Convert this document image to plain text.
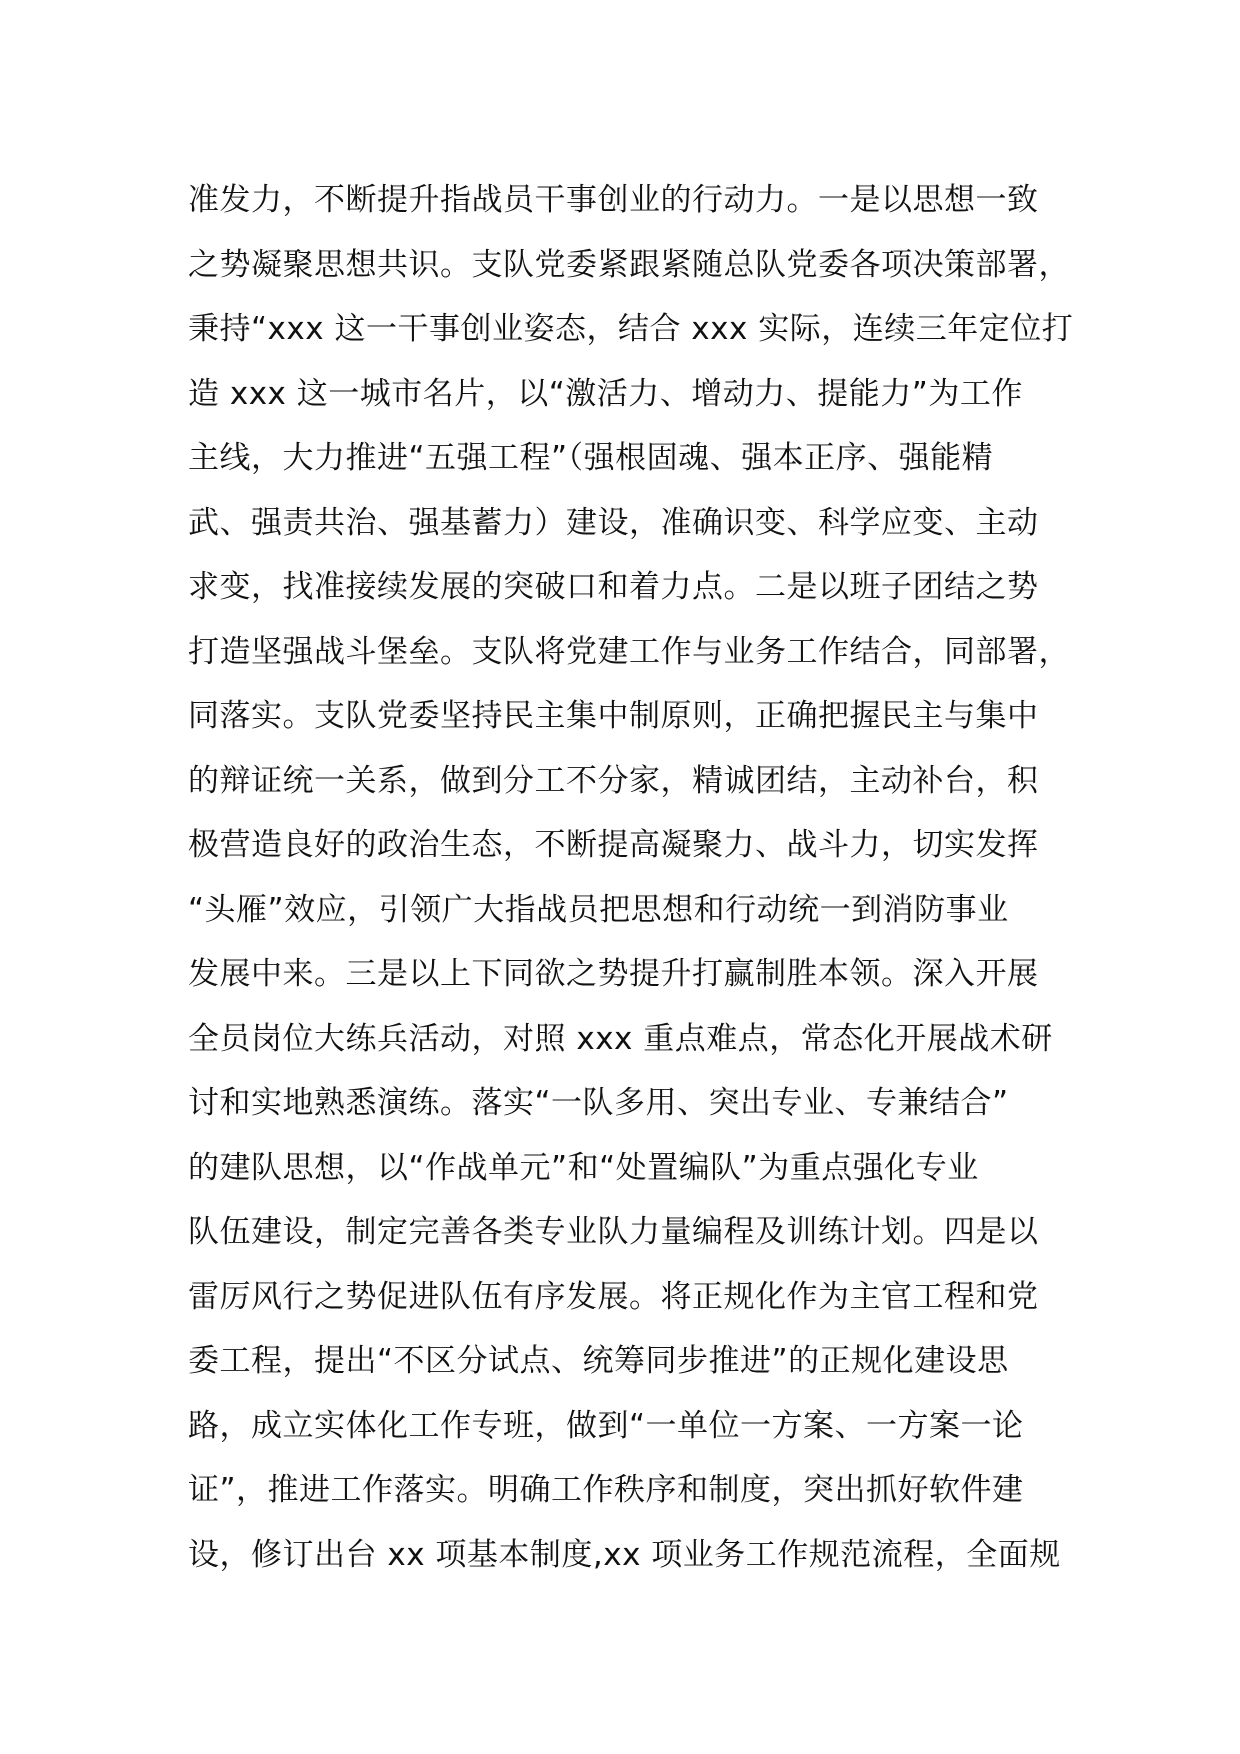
准发力，不断提升指战员干事创业的行动力。一是以思想一致
之势凝聚思想共识。支队党委紧跟紧随总队党委各项决策部署，
秉持“xxx 这一干事创业姿态，结合 xxx 实际，连续三年定位打
造 xxx 这一城市名片，以“激活力、增动力、提能力”为工作
主线，大力推进“五强工程”（强根固魂、强本正序、强能精
武、强责共治、强基蓄力）建设，准确识变、科学应变、主动
求变，找准接续发展的突破口和着力点。二是以班子团结之势
打造坚强战斗堡垒。支队将党建工作与业务工作结合，同部署，
同落实。支队党委坚持民主集中制原则，正确把握民主与集中
的辩证统一关系，做到分工不分家，精诚团结，主动补台，积
极营造良好的政治生态，不断提高凝聚力、战斗力，切实发挥
“头雁”效应，引领广大指战员把思想和行动统一到消防事业
发展中来。三是以上下同欲之势提升打赢制胜本领。深入开展
全员岗位大练兵活动，对照 xxx 重点难点，常态化开展战术研
讨和实地熟悉演练。落实“一队多用、突出专业、专兼结合”
的建队思想，以“作战单元”和“处置编队”为重点强化专业
队伍建设，制定完善各类专业队力量编程及训练计划。四是以
雷厉风行之势促进队伍有序发展。将正规化作为主官工程和党
委工程，提出“不区分试点、统筹同步推进”的正规化建设思
路，成立实体化工作专班，做到“一单位一方案、一方案一论
证”，推进工作落实。明确工作秩序和制度，突出抓好软件建
设，修订出台 xx 项基本制度,xx 项业务工作规范流程，全面规
